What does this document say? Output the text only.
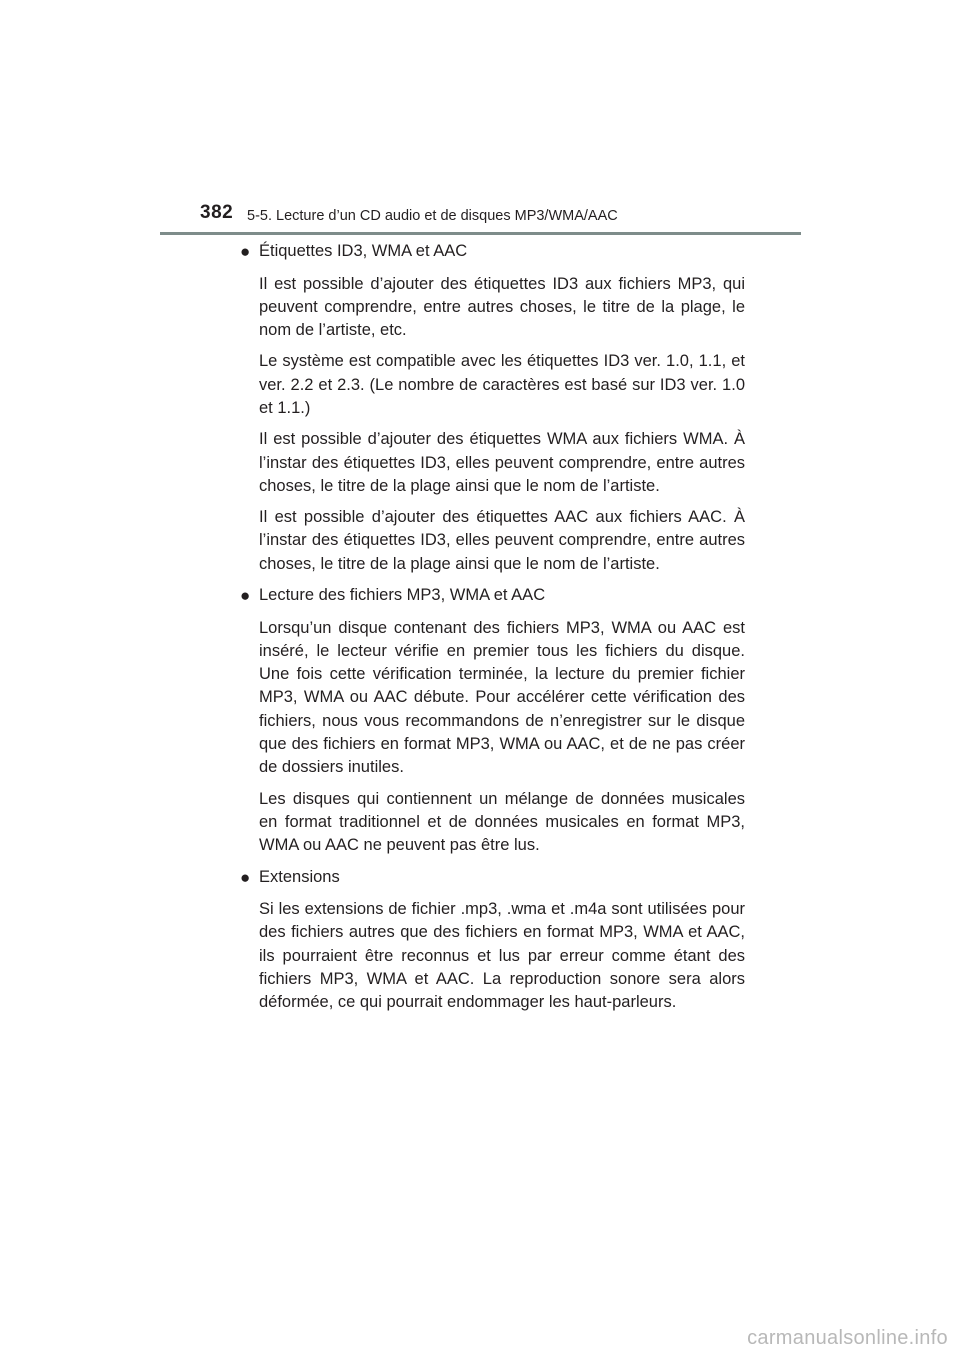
382 5-5. Lecture d’un CD audio et de disques MP3/WMA/AAC
● Étiquettes ID3, WMA et AAC

Il est possible d’ajouter des étiquettes ID3 aux fichiers MP3, qui peuvent comprendre, entre autres choses, le titre de la plage, le nom de l’artiste, etc.

Le système est compatible avec les étiquettes ID3 ver. 1.0, 1.1, et ver. 2.2 et 2.3. (Le nombre de caractères est basé sur ID3 ver. 1.0 et 1.1.)

Il est possible d’ajouter des étiquettes WMA aux fichiers WMA. À l’instar des étiquettes ID3, elles peuvent comprendre, entre autres choses, le titre de la plage ainsi que le nom de l’artiste.

Il est possible d’ajouter des étiquettes AAC aux fichiers AAC. À l’instar des étiquettes ID3, elles peuvent comprendre, entre autres choses, le titre de la plage ainsi que le nom de l’artiste.

● Lecture des fichiers MP3, WMA et AAC

Lorsqu’un disque contenant des fichiers MP3, WMA ou AAC est inséré, le lecteur vérifie en premier tous les fichiers du disque. Une fois cette vérification terminée, la lecture du premier fichier MP3, WMA ou AAC débute. Pour accélérer cette vérification des fichiers, nous vous recommandons de n’enregistrer sur le disque que des fichiers en format MP3, WMA ou AAC, et de ne pas créer de dossiers inutiles.

Les disques qui contiennent un mélange de données musicales en format traditionnel et de données musicales en format MP3, WMA ou AAC ne peuvent pas être lus.

● Extensions

Si les extensions de fichier .mp3, .wma et .m4a sont utilisées pour des fichiers autres que des fichiers en format MP3, WMA et AAC, ils pourraient être reconnus et lus par erreur comme étant des fichiers MP3, WMA et AAC. La reproduction sonore sera alors déformée, ce qui pourrait endommager les haut-parleurs.

carmanualsonline.info
